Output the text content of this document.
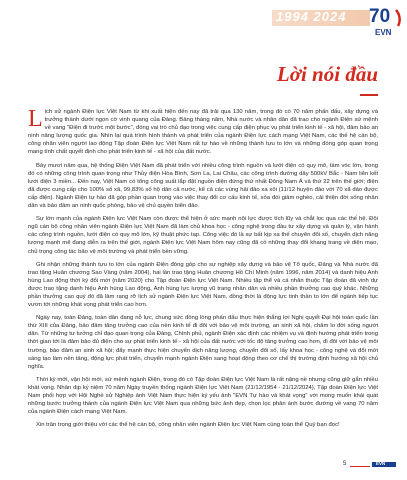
1994 2024 70
EVN
Lời nói đầu

Lịch sử ngành Điện lực Việt Nam từ khi xuất hiện đến nay đã trải qua 130 năm, trong đó có 70 năm phấn đấu, xây dựng và trưởng thành dưới ngọn cờ vinh quang của Đảng. Bảng tháng năm, Nhà nước và nhân dân đã trao cho ngành Điện sứ mệnh về vang "Điện đi trước một bước", đóng vai trò chủ đạo trong việc cung cấp điện phục vụ phát triển kinh tế - xã hội, đảm bảo an ninh năng lượng quốc gia. Nhìn lại quá trình hình thành và phát triển của ngành Điện lực cách mạng Việt Nam, các thế hệ cán bộ, công nhân viên người lao động Tập đoàn Điện lực Việt Nam rất tự hào về những thành tựu to lớn và những đóng góp quan trọng mang tính chất quyết định cho phát triển kinh tế - xã hội của đất nước.

Bảy mươi năm qua, hệ thống Điện Việt Nam đã phát triển với nhiều công trình nguồn và lưới điện có quy mô, tầm vóc lớn, trong đó có những công trình quan trọng như Thủy điện Hòa Bình, Sơn La, Lai Châu, các công trình đường dây 500kV Bắc - Nam liên kết lưới điện 3 miền... Đến nay, Việt Nam có tổng công suất lắp đặt nguồn điện đứng thứ nhất Đông Nam Á và thứ 22 trên thế giới; điện đã được cung cấp cho 100% số xã, 99,83% số hộ dân cả nước, kể cả các vùng hải đảo xa xôi (11/12 huyện đảo với 70 xã đảo được cấp điện). Ngành Điện tự hào đã góp phần quan trọng vào việc thay đổi cơ cấu kinh tế, xóa đói giảm nghèo, cải thiện đời sống nhân dân và bảo đảm an ninh quốc phòng, bảo vệ chủ quyền biển đảo.

Sự lớn mạnh của ngành Điện lực Việt Nam còn được thể hiện ở sức mạnh nội lực được tích lũy và chắt lọc qua các thế hệ. Đội ngũ cán bộ công nhân viên ngành Điện lực Việt Nam đã làm chủ khoa học - công nghệ trong đầu tư xây dựng và quản lý, vận hành các công trình nguồn, lưới điện có quy mô lớn, kỹ thuật phức tạp. Công việc đó là sự bất kịp xa thế chuyên đổi số, chuyển dịch năng lượng mạnh mẽ đang diễn ra trên thế giới, ngành Điện lực Việt Nam hôm nay cũng đã có những thay đổi khang trang về diện mạo, chủ trọng công tác bảo vệ môi trường và phát triển bền vững.

Ghi nhận những thành tựu to lớn của ngành Điện đóng góp cho sự nghiệp xây dựng và bảo vệ Tổ quốc, Đảng và Nhà nước đã trao tặng Huân chương Sao Vàng (năm 2004), hai lần trao tặng Huân chương Hồ Chí Minh (năm 1996, năm 2014) và danh hiệu Anh hùng Lao động thời kỳ đổi mới (năm 2020) cho Tập đoàn Điện lực Việt Nam. Nhiều tập thể và cá nhân thuộc Tập đoàn đã vinh dự được trao tặng danh hiệu Anh hùng Lao động, Anh hùng lực lượng vũ trang nhân dân và nhiều phần thưởng cao quý khác. Những phần thưởng cao quý đó đã làm rạng rỡ lịch sử ngành Điện lực Việt Nam, đồng thời là động lực tinh thần to lớn để ngành tiếp tục vươn tới những khát vọng phát triển cao hơn.

Ngày nay, toàn Đảng, toàn dân đang nỗ lực, chung sức đồng lòng phấn đấu thực hiện thắng lợi Nghị quyết Đại hội toàn quốc lần thứ XIII của Đảng, bảo đảm tăng trưởng cao của nền kinh tế đi đôi với bảo vệ môi trường, an sinh xã hội, chăm lo đời sống người dân. Từ những tư tưởng chỉ đạo quan trọng của Đảng, Chính phủ, ngành Điện xác định các nhiệm vụ và định hướng phát triển trong thời gian tới là đảm bảo đủ điện cho sự phát triển kinh tế - xã hội của đất nước với tốc độ tăng trưởng cao hơn, đi đôi với bảo vệ môi trường, bảo đảm an sinh xã hội; đẩy mạnh thực hiện chuyển dịch năng lượng, chuyển đổi số, lấy khoa học - công nghệ và đổi mới sáng tạo làm nền tảng, động lực phát triển, chuyển mạnh ngành Điện sang hoạt động theo cơ chế thị trường định hướng xã hội chủ nghĩa.

Thời kỳ mới, vận hội mới, sứ mệnh ngành Điện, trong đó có Tập đoàn Điện lực Việt Nam là rất nặng nề nhưng cũng giữ gắn nhiều khát vọng. Nhân dịp kỷ niệm 70 năm Ngày truyền thống ngành Điện lực Việt Nam (21/12/1954 - 21/12/2024), Tập đoàn Điện lực Việt Nam phối hợp với Hội Nghề sử Nghiệp ảnh Việt Nam thực hiện ký yếu ảnh "EVN Tự hào và khát vọng" với mong muốn khái quát những bước trưởng thành của ngành Điện lực Việt Nam qua những bức ảnh đẹp, chọn lọc phản ánh bước đường về vang 70 năm của ngành Điện cách mạng Việt Nam.

Xin trân trọng giới thiệu với các thế hệ cán bộ, công nhân viên ngành Điện lực Việt Nam cùng toàn thể Quý bạn đọc!

5	EVN
